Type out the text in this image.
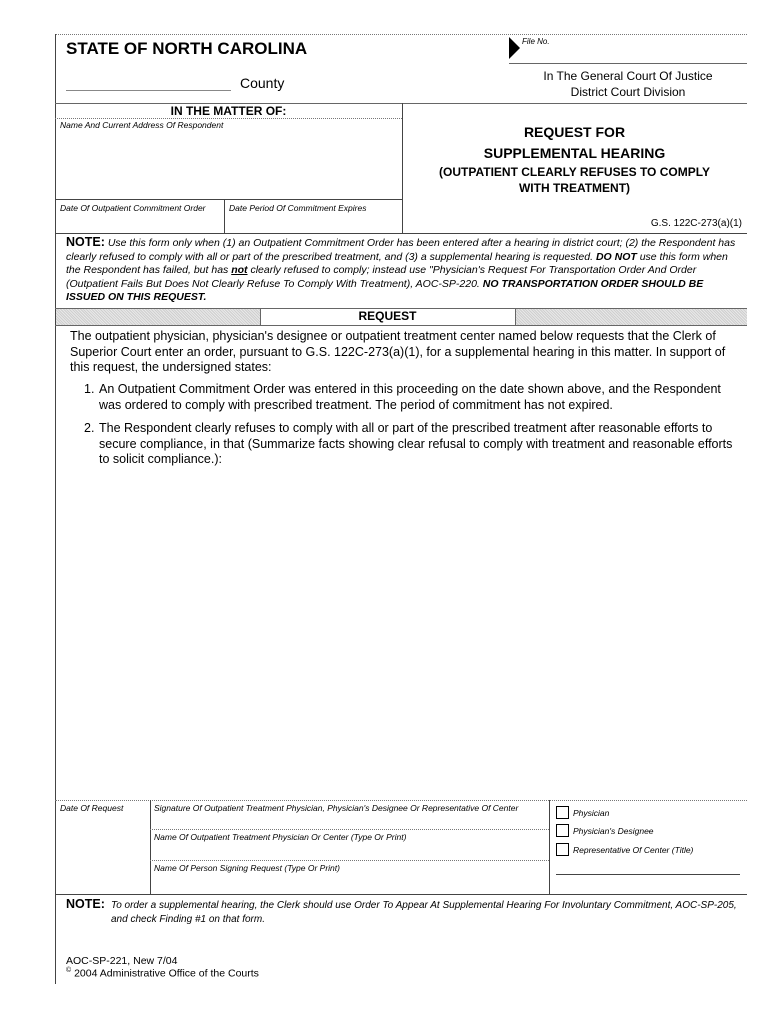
STATE OF NORTH CAROLINA
County
File No.
In The General Court Of Justice
District Court Division
IN THE MATTER OF:
Name And Current Address Of Respondent
Date Of Outpatient Commitment Order	Date Period Of Commitment Expires
REQUEST FOR
SUPPLEMENTAL HEARING
(OUTPATIENT CLEARLY REFUSES TO COMPLY
WITH TREATMENT)
G.S. 122C-273(a)(1)
NOTE: Use this form only when (1) an Outpatient Commitment Order has been entered after a hearing in district court; (2) the Respondent has clearly refused to comply with all or part of the prescribed treatment, and (3) a supplemental hearing is requested. DO NOT use this form when the Respondent has failed, but has not clearly refused to comply; instead use "Physician's Request For Transportation Order And Order (Outpatient Fails But Does Not Clearly Refuse To Comply With Treatment), AOC-SP-220. NO TRANSPORTATION ORDER SHOULD BE ISSUED ON THIS REQUEST.
REQUEST
The outpatient physician, physician's designee or outpatient treatment center named below requests that the Clerk of Superior Court enter an order, pursuant to G.S. 122C-273(a)(1), for a supplemental hearing in this matter. In support of this request, the undersigned states:
1. An Outpatient Commitment Order was entered in this proceeding on the date shown above, and the Respondent was ordered to comply with prescribed treatment. The period of commitment has not expired.
2. The Respondent clearly refuses to comply with all or part of the prescribed treatment after reasonable efforts to secure compliance, in that (Summarize facts showing clear refusal to comply with treatment and reasonable efforts to solicit compliance.):
Date Of Request	Signature Of Outpatient Treatment Physician, Physician's Designee Or Representative Of Center
Name Of Outpatient Treatment Physician Or Center (Type Or Print)
Name Of Person Signing Request (Type Or Print)
Physician
Physician's Designee
Representative Of Center (Title)
NOTE: To order a supplemental hearing, the Clerk should use Order To Appear At Supplemental Hearing For Involuntary Commitment, AOC-SP-205, and check Finding #1 on that form.
AOC-SP-221, New 7/04
© 2004 Administrative Office of the Courts
